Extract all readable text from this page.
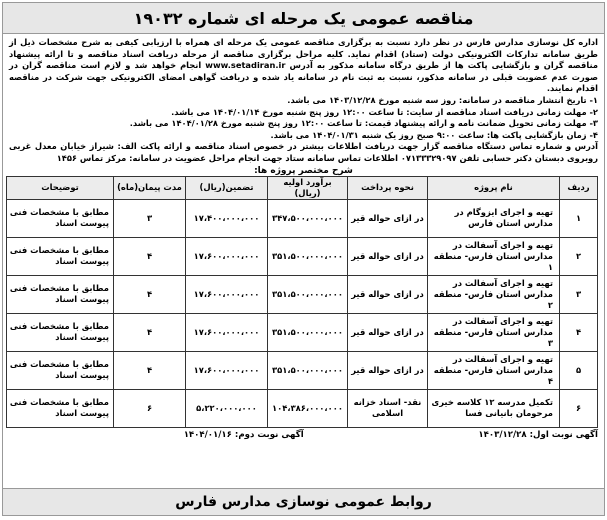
مناقصه عمومی یک مرحله ای شماره ۱۹۰۳۲

اداره کل نوسازی مدارس فارس در نظر دارد نسبت به برگزاری مناقصه عمومی یک مرحله ای همراه با ارزیابی کیفی به شرح مشخصات ذیل از طریق سامانه تدارکات الکترونیکی دولت (ستاد) اقدام نماید. کلیه مراحل برگزاری مناقصه از مرحله دریافت اسناد مناقصه و تا ارائه پیشنهاد مناقصه گران و بازگشایی پاکت ها از طریق درگاه سامانه مذکور به آدرس www.setadiran.ir انجام خواهد شد و لازم است مناقصه گران در صورت عدم عضویت قبلی در سامانه مذکور، نسبت به ثبت نام در سامانه یاد شده و دریافت گواهی امضای الکترونیکی جهت شرکت در مناقصه اقدام نمایند.

۱- تاریخ انتشار مناقصه در سامانه: روز سه شنبه مورخ ۱۴۰۳/۱۲/۲۸ می باشد.

۲- مهلت زمانی دریافت اسناد مناقصه از سایت: تا ساعت ۱۲:۰۰ روز پنج شنبه مورخ ۱۴۰۴/۰۱/۱۴ می باشد.

۳- مهلت زمانی تحویل ضمانت نامه و ارائه پیشنهاد قیمت: تا ساعت ۱۲:۰۰ روز پنج شنبه مورخ ۱۴۰۴/۰۱/۲۸ می باشد.

۴- زمان بازگشایی پاکت ها: ساعت ۹:۰۰ صبح روز یک شنبه ۱۴۰۴/۰۱/۳۱ می باشد.

آدرس و شماره تماس دستگاه مناقصه گزار جهت دریافت اطلاعات بیشتر در خصوص اسناد مناقصه و ارائه پاکت الف: شیراز خیابان معدل غربی روبروی دبستان دکتر حسابی تلفن ۰۷۱۳۳۳۲۹۰۹۷ اطلاعات تماس سامانه ستاد جهت انجام مراحل عضویت در سامانه: مرکز تماس ۱۴۵۶

شرح مختصر پروژه ها:
ردیف	نام پروژه	نحوه پرداخت	برآورد اولیه (ریال)	تضمین(ریال)	مدت پیمان(ماه)	توضیحات
۱	تهیه و اجرای ایزوگام در مدارس استان فارس	در ازای حواله قیر	۳۴۷،۵۰۰،۰۰۰،۰۰۰	۱۷،۴۰۰،۰۰۰،۰۰۰	۳	مطابق با مشخصات فنی پیوست اسناد
۲	تهیه و اجرای آسفالت در مدارس استان فارس- منطقه ۱	در ازای حواله قیر	۳۵۱،۵۰۰،۰۰۰،۰۰۰	۱۷،۶۰۰،۰۰۰،۰۰۰	۴	مطابق با مشخصات فنی پیوست اسناد
۳	تهیه و اجرای آسفالت در مدارس استان فارس- منطقه ۲	در ازای حواله قیر	۳۵۱،۵۰۰،۰۰۰،۰۰۰	۱۷،۶۰۰،۰۰۰،۰۰۰	۴	مطابق با مشخصات فنی پیوست اسناد
۴	تهیه و اجرای آسفالت در مدارس استان فارس- منطقه ۳	در ازای حواله قیر	۳۵۱،۵۰۰،۰۰۰،۰۰۰	۱۷،۶۰۰،۰۰۰،۰۰۰	۴	مطابق با مشخصات فنی پیوست اسناد
۵	تهیه و اجرای آسفالت در مدارس استان فارس- منطقه ۴	در ازای حواله قیر	۳۵۱،۵۰۰،۰۰۰،۰۰۰	۱۷،۶۰۰،۰۰۰،۰۰۰	۴	مطابق با مشخصات فنی پیوست اسناد
۶	تکمیل مدرسه ۱۲ کلاسه خیری مرحومان بانیانی فسا	نقد- اسناد خزانه اسلامی	۱۰۴،۳۸۶،۰۰۰،۰۰۰	۵،۲۲۰،۰۰۰،۰۰۰	۶	مطابق با مشخصات فنی پیوست اسناد
آگهی نوبت اول: ۱۴۰۳/۱۲/۲۸
آگهی نوبت دوم: ۱۴۰۴/۰۱/۱۶
روابط عمومی نوسازی مدارس فارس
